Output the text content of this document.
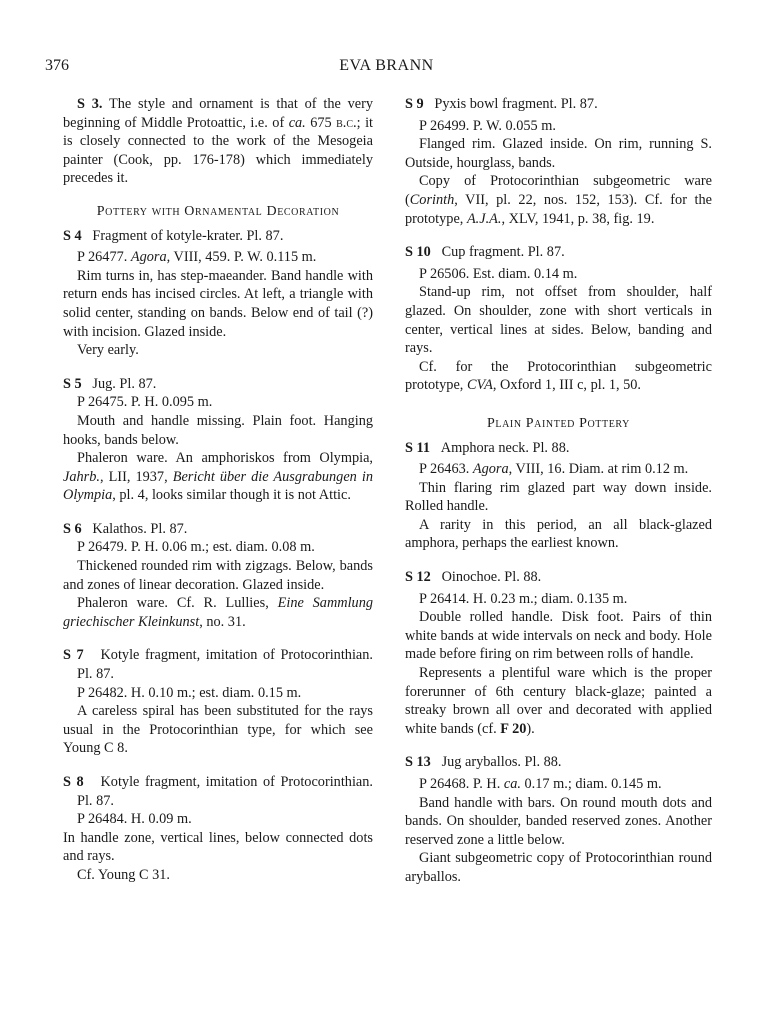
EVA BRANN
376

S 3. The style and ornament is that of the very beginning of Middle Protoattic, i.e. of ca. 675 b.c.; it is closely connected to the work of the Mesogeia painter (Cook, pp. 176-178) which immediately precedes it.

Pottery with Ornamental Decoration

S 4 Fragment of kotyle-krater. Pl. 87.

P 26477. Agora, VIII, 459. P. W. 0.115 m.

Rim turns in, has step-maeander. Band handle with return ends has incised circles. At left, a triangle with solid center, standing on bands. Below end of tail (?) with incision. Glazed inside.

Very early.

S 5 Jug. Pl. 87.

P 26475. P. H. 0.095 m.

Mouth and handle missing. Plain foot. Hanging hooks, bands below.

Phaleron ware. An amphoriskos from Olympia, Jahrb., LII, 1937, Bericht über die Ausgrabungen in Olympia, pl. 4, looks similar though it is not Attic.

S 6 Kalathos. Pl. 87.

P 26479. P. H. 0.06 m.; est. diam. 0.08 m.

Thickened rounded rim with zigzags. Below, bands and zones of linear decoration. Glazed inside.

Phaleron ware. Cf. R. Lullies, Eine Sammlung griechischer Kleinkunst, no. 31.

S 7 Kotyle fragment, imitation of Protocorinthian. Pl. 87.

P 26482. H. 0.10 m.; est. diam. 0.15 m.

A careless spiral has been substituted for the rays usual in the Protocorinthian type, for which see Young C 8.

S 8 Kotyle fragment, imitation of Protocorinthian. Pl. 87.

P 26484. H. 0.09 m.

In handle zone, vertical lines, below connected dots and rays.

Cf. Young C 31.

S 9 Pyxis bowl fragment. Pl. 87.

P 26499. P. W. 0.055 m.

Flanged rim. Glazed inside. On rim, running S. Outside, hourglass, bands.

Copy of Protocorinthian subgeometric ware (Corinth, VII, pl. 22, nos. 152, 153). Cf. for the prototype, A.J.A., XLV, 1941, p. 38, fig. 19.

S 10 Cup fragment. Pl. 87.

P 26506. Est. diam. 0.14 m.

Stand-up rim, not offset from shoulder, half glazed. On shoulder, zone with short verticals in center, vertical lines at sides. Below, banding and rays.

Cf. for the Protocorinthian subgeometric prototype, CVA, Oxford 1, III c, pl. 1, 50.

Plain Painted Pottery

S 11 Amphora neck. Pl. 88.

P 26463. Agora, VIII, 16. Diam. at rim 0.12 m.

Thin flaring rim glazed part way down inside. Rolled handle.

A rarity in this period, an all black-glazed amphora, perhaps the earliest known.

S 12 Oinochoe. Pl. 88.

P 26414. H. 0.23 m.; diam. 0.135 m.

Double rolled handle. Disk foot. Pairs of thin white bands at wide intervals on neck and body. Hole made before firing on rim between rolls of handle.

Represents a plentiful ware which is the proper forerunner of 6th century black-glaze; painted a streaky brown all over and decorated with applied white bands (cf. F 20).

S 13 Jug aryballos. Pl. 88.

P 26468. P. H. ca. 0.17 m.; diam. 0.145 m.

Band handle with bars. On round mouth dots and bands. On shoulder, banded reserved zones. Another reserved zone a little below.

Giant subgeometric copy of Protocorinthian round aryballos.
